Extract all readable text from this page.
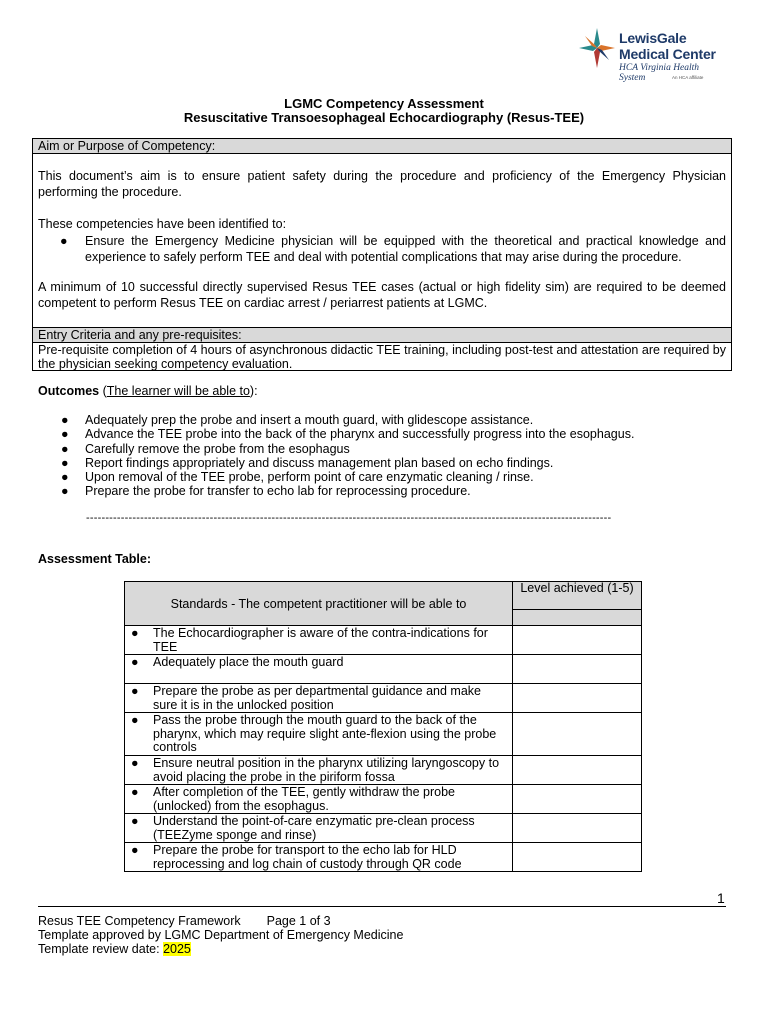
LewisGale
Medical Center
HCA Virginia Health System	An HCA affiliate
LGMC Competency Assessment
Resuscitative Transoesophageal Echocardiography (Resus-TEE)
Aim or Purpose of Competency:
This document’s aim is to ensure patient safety during the procedure and proficiency of the Emergency Physician performing the procedure.
These competencies have been identified to:
● Ensure the Emergency Medicine physician will be equipped with the theoretical and practical knowledge and experience to safely perform TEE and deal with potential complications that may arise during the procedure.
A minimum of 10 successful directly supervised Resus TEE cases (actual or high fidelity sim) are required to be deemed competent to perform Resus TEE on cardiac arrest / periarrest patients at LGMC.
Entry Criteria and any pre-requisites:
Pre-requisite completion of 4 hours of asynchronous didactic TEE training, including post-test and attestation are required by the physician seeking competency evaluation.
Outcomes (The learner will be able to):
● Adequately prep the probe and insert a mouth guard, with glidescope assistance.
● Advance the TEE probe into the back of the pharynx and successfully progress into the esophagus.
● Carefully remove the probe from the esophagus
● Report findings appropriately and discuss management plan based on echo findings.
● Upon removal of the TEE probe, perform point of care enzymatic cleaning / rinse.
● Prepare the probe for transfer to echo lab for reprocessing procedure.
----------------------------------------------------------------------------------------------------------------------------------------
Assessment Table:
Standards - The competent practitioner will be able to	Level achieved (1-5)

● The Echocardiographer is aware of the contra-indications for TEE	

● Adequately place the mouth guard	

● Prepare the probe as per departmental guidance and make sure it is in the unlocked position	

● Pass the probe through the mouth guard to the back of the pharynx, which may require slight ante-flexion using the probe controls	

● Ensure neutral position in the pharynx utilizing laryngoscopy to avoid placing the probe in the piriform fossa	

● After completion of the TEE, gently withdraw the probe (unlocked) from the esophagus.	

● Understand the point-of-care enzymatic pre-clean process (TEEZyme sponge and rinse)	

● Prepare the probe for transport to the echo lab for HLD reprocessing and log chain of custody through QR code	

1
Resus TEE Competency Framework Page 1 of 3
Template approved by LGMC Department of Emergency Medicine
Template review date: 2025
